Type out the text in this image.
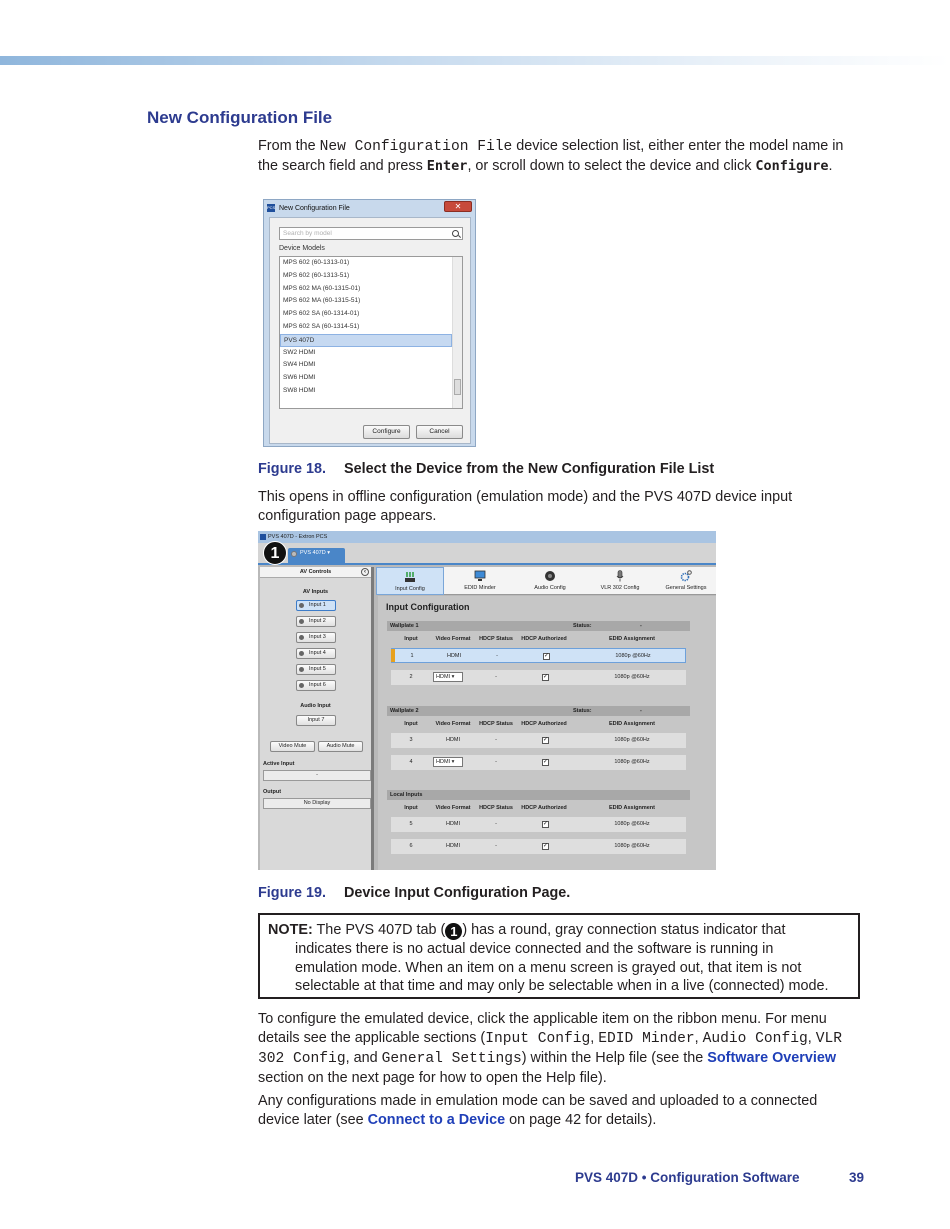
New Configuration File
From the New Configuration File device selection list, either enter the model name in the search field and press Enter, or scroll down to select the device and click Configure.
PCS New Configuration File	✕
Search by model
Device Models
MPS 602 (60-1313-01)
MPS 602 (60-1313-51)
MPS 602 MA (60-1315-01)
MPS 602 MA (60-1315-51)
MPS 602 SA (60-1314-01)
MPS 602 SA (60-1314-51)
PVS 407D
SW2 HDMI
SW4 HDMI
SW6 HDMI
SW8 HDMI
Configure	Cancel
Figure 18. Select the Device from the New Configuration File List
This opens in offline configuration (emulation mode) and the PVS 407D device input configuration page appears.
PVS 407D - Extron PCS
PVS 407D ▾
1
AV Controls	‹
AV Inputs
Input 1
Input 2
Input 3
Input 4
Input 5
Input 6
Audio Input
Input 7
Video Mute	Audio Mute
Active Input
-
Output
No Display
Input Config	EDID Minder	Audio Config	VLR 302 Config	General Settings
Input Configuration
Wallplate 1	Status:	-
Input	Video Format	HDCP Status	HDCP Authorized	EDID Assignment
1	HDMI	-	✓	1080p @60Hz
2	HDMI ▾	-	✓	1080p @60Hz
Wallplate 2	Status:	-
Input	Video Format	HDCP Status	HDCP Authorized	EDID Assignment
3	HDMI	-	✓	1080p @60Hz
4	HDMI ▾	-	✓	1080p @60Hz
Local Inputs
Input	Video Format	HDCP Status	HDCP Authorized	EDID Assignment
5	HDMI	-	✓	1080p @60Hz
6	HDMI	-	✓	1080p @60Hz
Figure 19. Device Input Configuration Page.
NOTE: The PVS 407D tab ( 1 ) has a round, gray connection status indicator that
indicates there is no actual device connected and the software is running in
emulation mode. When an item on a menu screen is grayed out, that item is not
selectable at that time and may only be selectable when in a live (connected) mode.
To configure the emulated device, click the applicable item on the ribbon menu. For menu details see the applicable sections (Input Config, EDID Minder, Audio Config, VLR 302 Config, and General Settings) within the Help file (see the Software Overview section on the next page for how to open the Help file).
Any configurations made in emulation mode can be saved and uploaded to a connected device later (see Connect to a Device on page 42 for details).
PVS 407D • Configuration Software	39
